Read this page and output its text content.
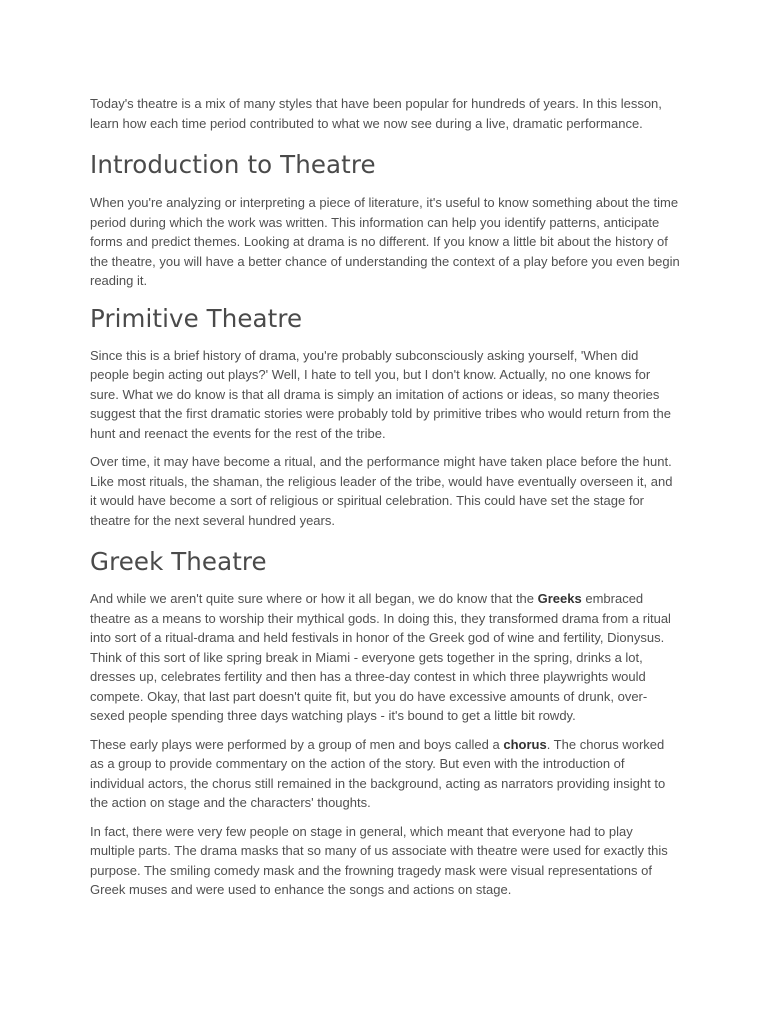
Today's theatre is a mix of many styles that have been popular for hundreds of years. In this lesson, learn how each time period contributed to what we now see during a live, dramatic performance.

Introduction to Theatre

When you're analyzing or interpreting a piece of literature, it's useful to know something about the time period during which the work was written. This information can help you identify patterns, anticipate forms and predict themes. Looking at drama is no different. If you know a little bit about the history of the theatre, you will have a better chance of understanding the context of a play before you even begin reading it.

Primitive Theatre

Since this is a brief history of drama, you're probably subconsciously asking yourself, 'When did people begin acting out plays?' Well, I hate to tell you, but I don't know. Actually, no one knows for sure. What we do know is that all drama is simply an imitation of actions or ideas, so many theories suggest that the first dramatic stories were probably told by primitive tribes who would return from the hunt and reenact the events for the rest of the tribe.

Over time, it may have become a ritual, and the performance might have taken place before the hunt. Like most rituals, the shaman, the religious leader of the tribe, would have eventually overseen it, and it would have become a sort of religious or spiritual celebration. This could have set the stage for theatre for the next several hundred years.

Greek Theatre

And while we aren't quite sure where or how it all began, we do know that the Greeks embraced theatre as a means to worship their mythical gods. In doing this, they transformed drama from a ritual into sort of a ritual-drama and held festivals in honor of the Greek god of wine and fertility, Dionysus. Think of this sort of like spring break in Miami - everyone gets together in the spring, drinks a lot, dresses up, celebrates fertility and then has a three-day contest in which three playwrights would compete. Okay, that last part doesn't quite fit, but you do have excessive amounts of drunk, over-sexed people spending three days watching plays - it's bound to get a little bit rowdy.

These early plays were performed by a group of men and boys called a chorus. The chorus worked as a group to provide commentary on the action of the story. But even with the introduction of individual actors, the chorus still remained in the background, acting as narrators providing insight to the action on stage and the characters' thoughts.

In fact, there were very few people on stage in general, which meant that everyone had to play multiple parts. The drama masks that so many of us associate with theatre were used for exactly this purpose. The smiling comedy mask and the frowning tragedy mask were visual representations of Greek muses and were used to enhance the songs and actions on stage.
